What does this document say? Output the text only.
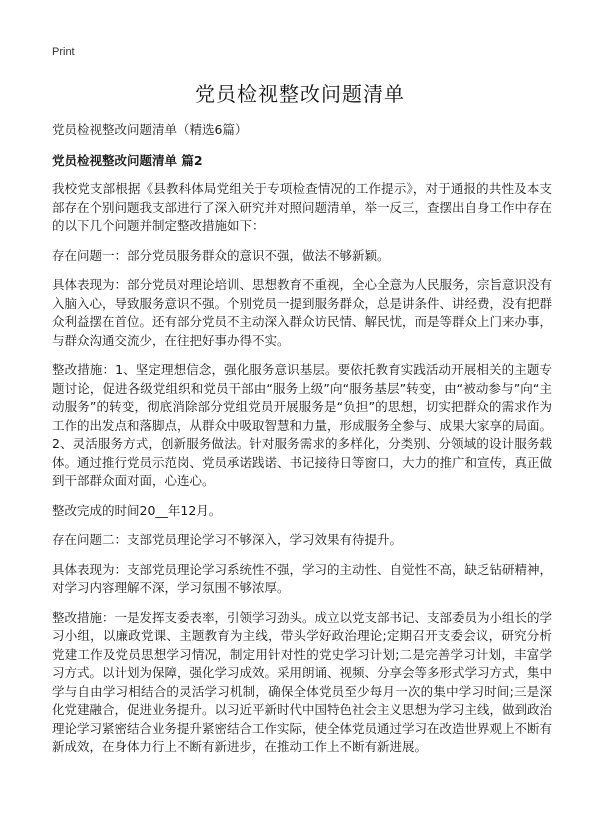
Print
党员检视整改问题清单
党员检视整改问题清单（精选6篇）
党员检视整改问题清单 篇2

我校党支部根据《县教科体局党组关于专项检查情况的工作提示》，对于通报的共性及本支部存在个别问题我支部进行了深入研究并对照问题清单，举一反三，查摆出自身工作中存在的以下几个问题并制定整改措施如下：

存在问题一：部分党员服务群众的意识不强，做法不够新颖。

具体表现为：部分党员对理论培训、思想教育不重视，全心全意为人民服务，宗旨意识没有入脑入心，导致服务意识不强。个别党员一提到服务群众，总是讲条件、讲经费，没有把群众利益摆在首位。还有部分党员不主动深入群众访民情、解民忧，而是等群众上门来办事，与群众沟通交流少，在往把好事办得不实。

整改措施：1、坚定理想信念，强化服务意识基层。要依托教育实践活动开展相关的主题专题讨论，促进各级党组织和党员干部由“服务上级”向“服务基层”转变，由“被动参与”向“主动服务”的转变，彻底消除部分党组党员开展服务是“负担”的思想，切实把群众的需求作为工作的出发点和落脚点，从群众中吸取智慧和力量，形成服务全参与、成果大家享的局面。2、灵活服务方式，创新服务做法。针对服务需求的多样化，分类别、分领域的设计服务载体。通过推行党员示范岗、党员承诺践诺、书记接待日等窗口，大力的推广和宣传，真正做到干部群众面对面，心连心。

整改完成的时间20__年12月。

存在问题二：支部党员理论学习不够深入，学习效果有待提升。

具体表现为：支部党员理论学习系统性不强，学习的主动性、自觉性不高，缺乏钻研精神，对学习内容理解不深，学习氛围不够浓厚。

整改措施：一是发挥支委表率，引领学习劲头。成立以党支部书记、支部委员为小组长的学习小组，以廉政党课、主题教育为主线，带头学好政治理论;定期召开支委会议，研究分析党建工作及党员思想学习情况，制定用针对性的党史学习计划;二是完善学习计划，丰富学习方式。以计划为保障，强化学习成效。采用朗诵、视频、分享会等多形式学习方式，集中学与自由学习相结合的灵活学习机制，确保全体党员至少每月一次的集中学习时间;三是深化党建融合，促进业务提升。以习近平新时代中国特色社会主义思想为学习主线，做到政治理论学习紧密结合业务提升紧密结合工作实际，使全体党员通过学习在改造世界观上不断有新成效，在身体力行上不断有新进步，在推动工作上不断有新进展。
